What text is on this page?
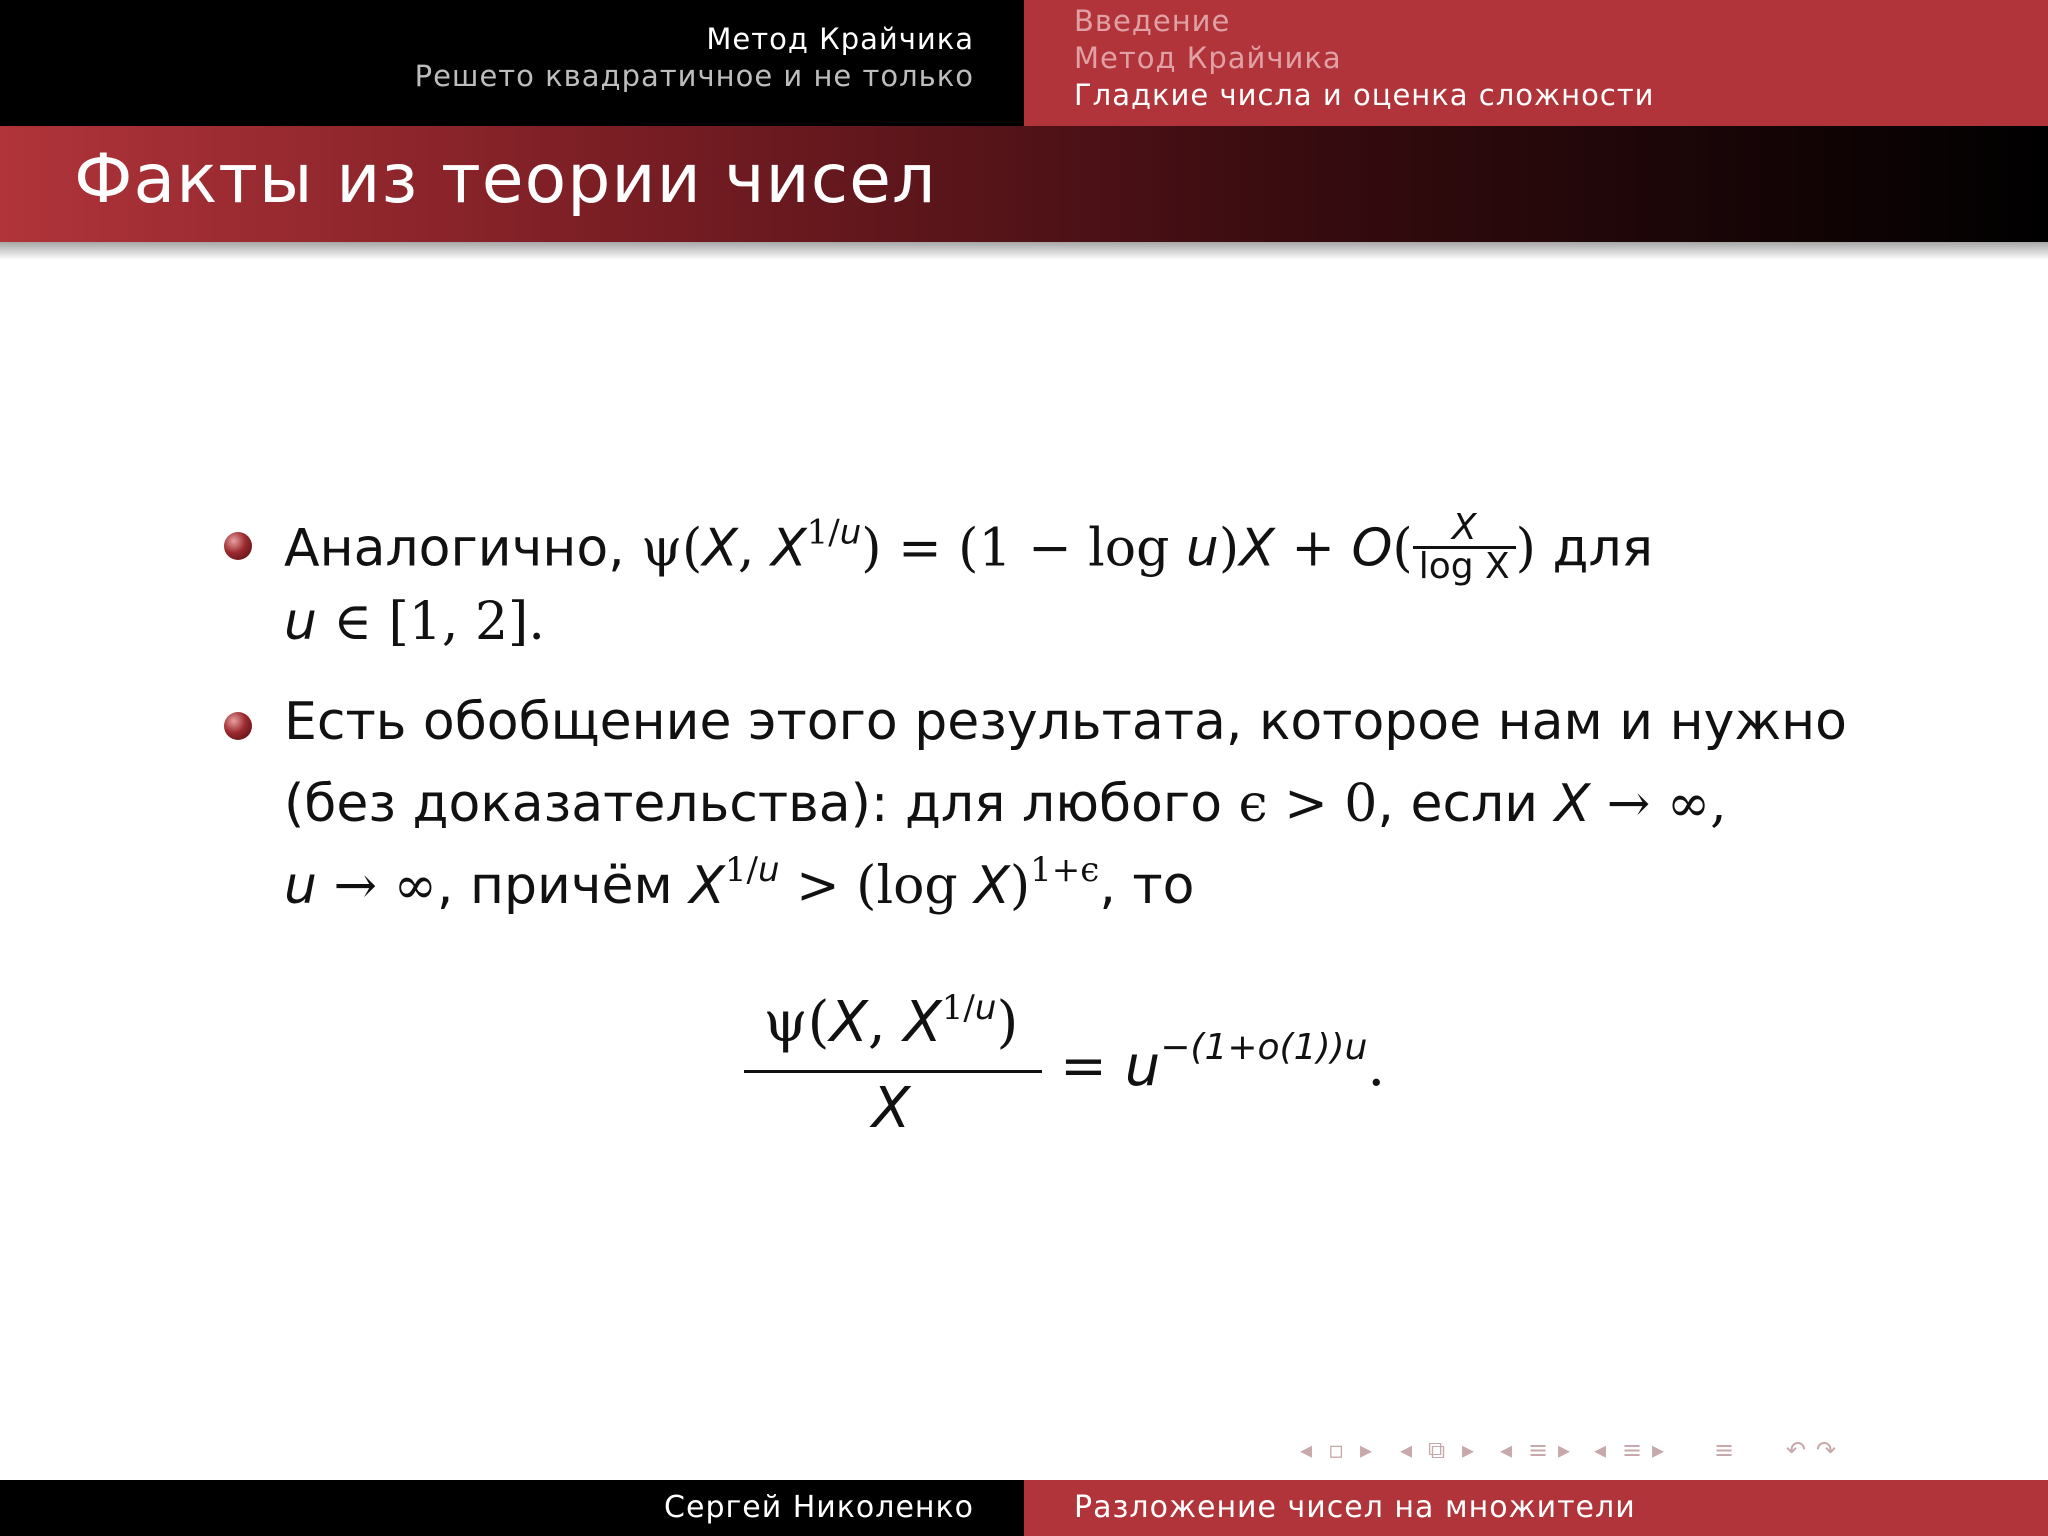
Метод Крайчика
Решето квадратичное и не только
Введение
Метод Крайчика
Гладкие числа и оценка сложности
Факты из теории чисел
Аналогично, ψ(X, $X^{1/u}) = (1 - \log u)X + O( \frac{X}{\text{log X}}$ ) для
u ∈ [1, 2].
Есть обобщение этого результата, которое нам и нужно
(без доказательства): для любого ϵ > 0, если X → ∞,
u → ∞, причём $X^{1/u} > (\log$ X)$^{1+\epsilon}$, то
ψ(X, $X^{1/u}$)
X
= $u^{-(1+o(1))u}$.
◂ ▫ ▸ ◂ ⧉ ▸ ◂ ≡ ▸ ◂ ≡ ▸ ≡ ↶ ↷
Сергей Николенко	Разложение чисел на множители
